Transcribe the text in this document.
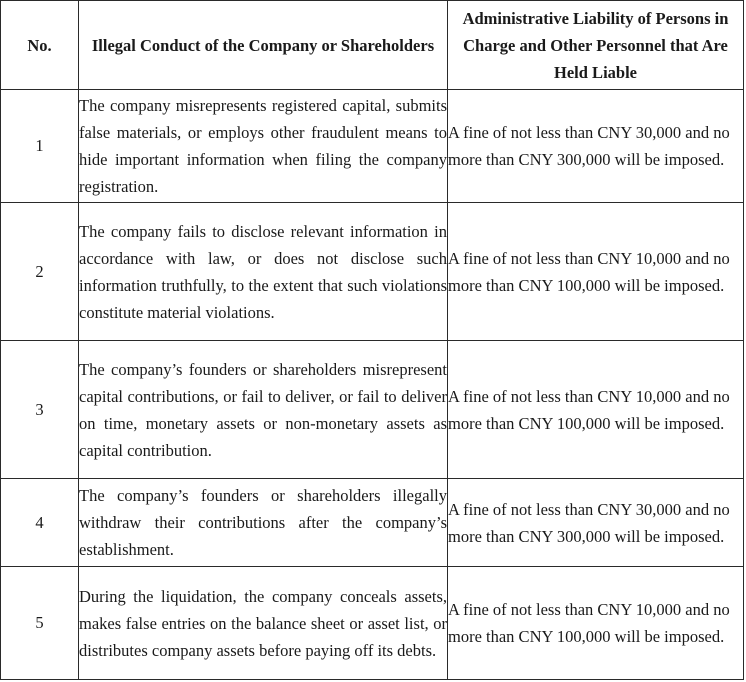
No.	Illegal Conduct of the Company or Shareholders	Administrative Liability of Persons in Charge and Other Personnel that Are Held Liable
1	The company misrepresents registered capital, submits false materials, or employs other fraudulent means to hide important information when filing the company registration.	A fine of not less than CNY 30,000 and no more than CNY 300,000 will be imposed.
2	The company fails to disclose relevant information in accordance with law, or does not disclose such information truthfully, to the extent that such violations constitute material violations.	A fine of not less than CNY 10,000 and no more than CNY 100,000 will be imposed.
3	The company’s founders or shareholders misrepresent capital contributions, or fail to deliver, or fail to deliver on time, monetary assets or non-monetary assets as capital contribution.	A fine of not less than CNY 10,000 and no more than CNY 100,000 will be imposed.
4	The company’s founders or shareholders illegally withdraw their contributions after the company’s establishment.	A fine of not less than CNY 30,000 and no more than CNY 300,000 will be imposed.
5	During the liquidation, the company conceals assets, makes false entries on the balance sheet or asset list, or distributes company assets before paying off its debts.	A fine of not less than CNY 10,000 and no more than CNY 100,000 will be imposed.
